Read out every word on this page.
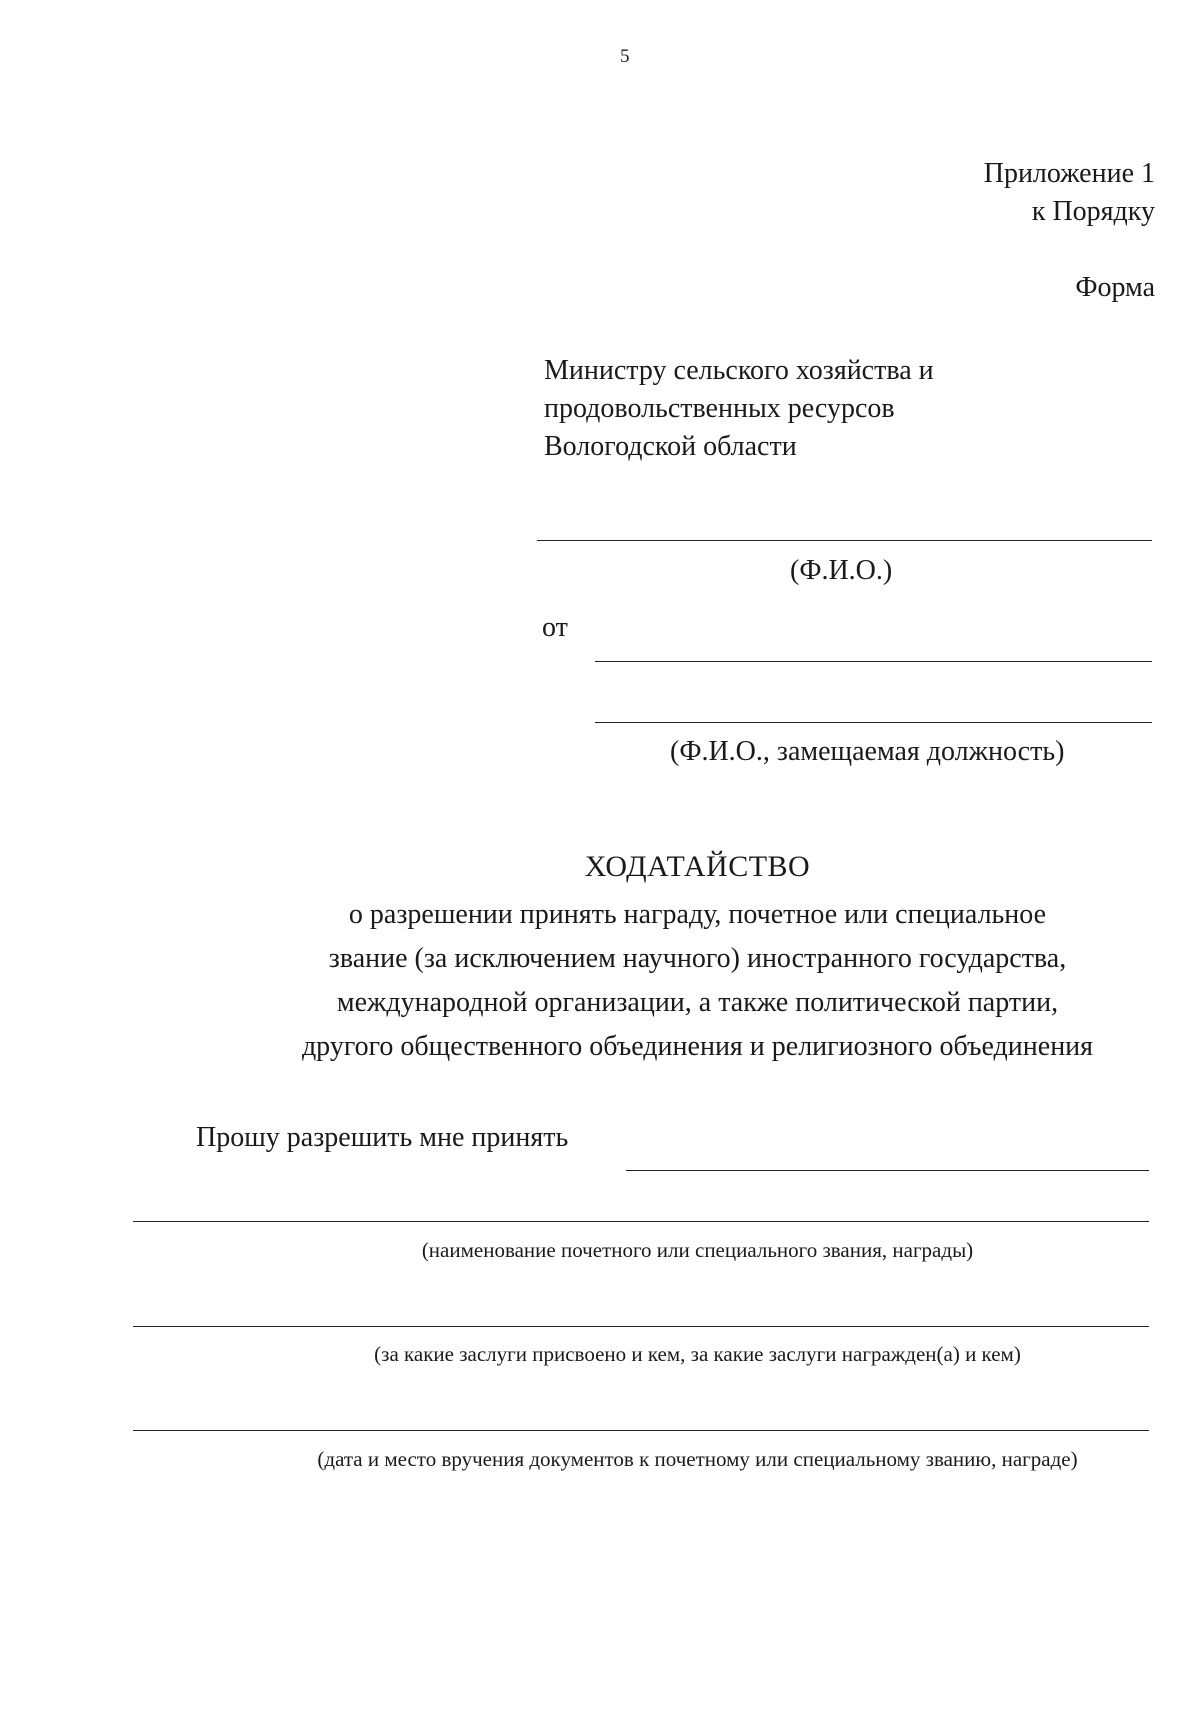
5

Приложение 1
к Порядку

Форма

Министру сельского хозяйства и
продовольственных ресурсов
Вологодской области

(Ф.И.О.)

от

(Ф.И.О., замещаемая должность)

ХОДАТАЙСТВО

о разрешении принять награду, почетное или специальное
звание (за исключением научного) иностранного государства,
международной организации, а также политической партии,
другого общественного объединения и религиозного объединения

Прошу разрешить мне принять

(наименование почетного или специального звания, награды)

(за какие заслуги присвоено и кем, за какие заслуги награжден(а) и кем)

(дата и место вручения документов к почетному или специальному званию, награде)
